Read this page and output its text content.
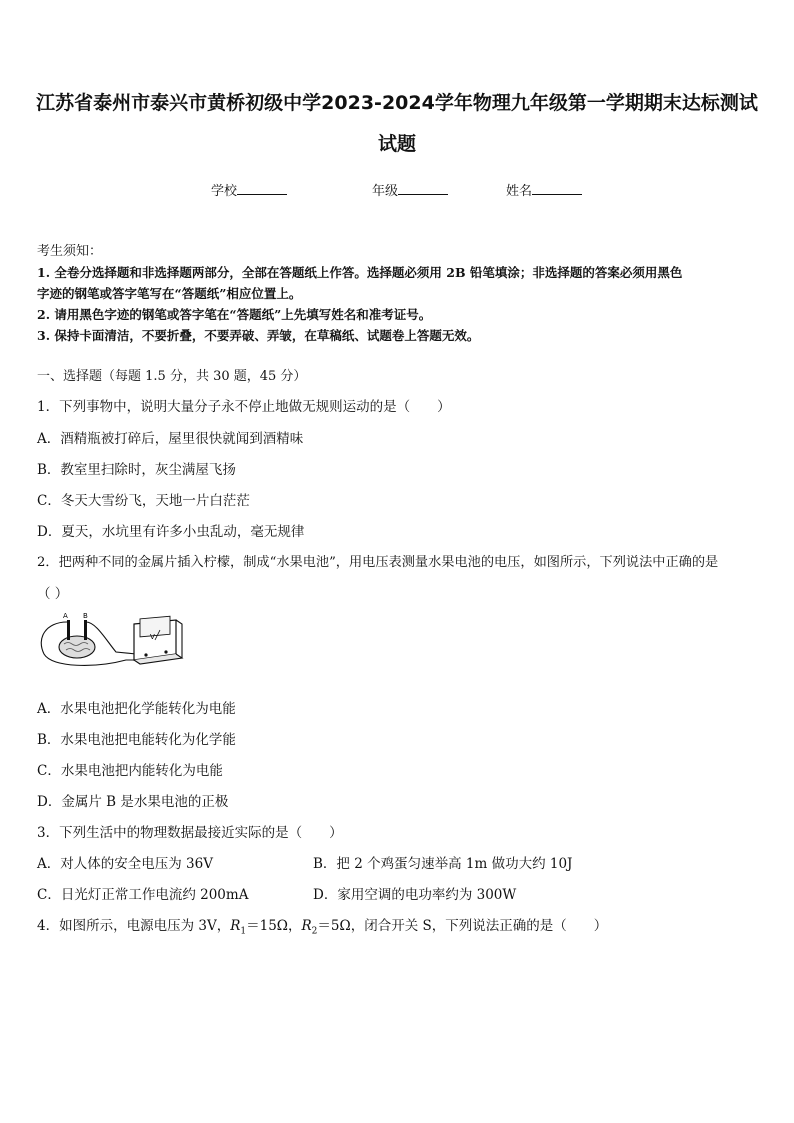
江苏省泰州市泰兴市黄桥初级中学2023-2024学年物理九年级第一学期期末达标测试
试题
学校	年级	姓名
考生须知：
1. 全卷分选择题和非选择题两部分，全部在答题纸上作答。选择题必须用 2B 铅笔填涂；非选择题的答案必须用黑色
字迹的钢笔或答字笔写在“答题纸”相应位置上。
2. 请用黑色字迹的钢笔或答字笔在“答题纸”上先填写姓名和准考证号。
3. 保持卡面清洁，不要折叠，不要弄破、弄皱，在草稿纸、试题卷上答题无效。
一、选择题（每题 1.5 分，共 30 题，45 分）
1．下列事物中，说明大量分子永不停止地做无规则运动的是（　　）
A．酒精瓶被打碎后，屋里很快就闻到酒精味
B．教室里扫除时，灰尘满屋飞扬
C．冬天大雪纷飞，天地一片白茫茫
D．夏天，水坑里有许多小虫乱动，毫无规律
2．把两种不同的金属片插入柠檬，制成“水果电池”，用电压表测量水果电池的电压，如图所示，下列说法中正确的是
（ ）
A B
V
A．水果电池把化学能转化为电能
B．水果电池把电能转化为化学能
C．水果电池把内能转化为电能
D．金属片 B 是水果电池的正极
3．下列生活中的物理数据最接近实际的是（　　）
A．对人体的安全电压为 36V	B．把 2 个鸡蛋匀速举高 1m 做功大约 10J
C．日光灯正常工作电流约 200mA	D．家用空调的电功率约为 300W
4．如图所示，电源电压为 3V，$R_1=15\Omega$，$R_2=5\Omega$，闭合开关 S，下列说法正确的是（　　）
